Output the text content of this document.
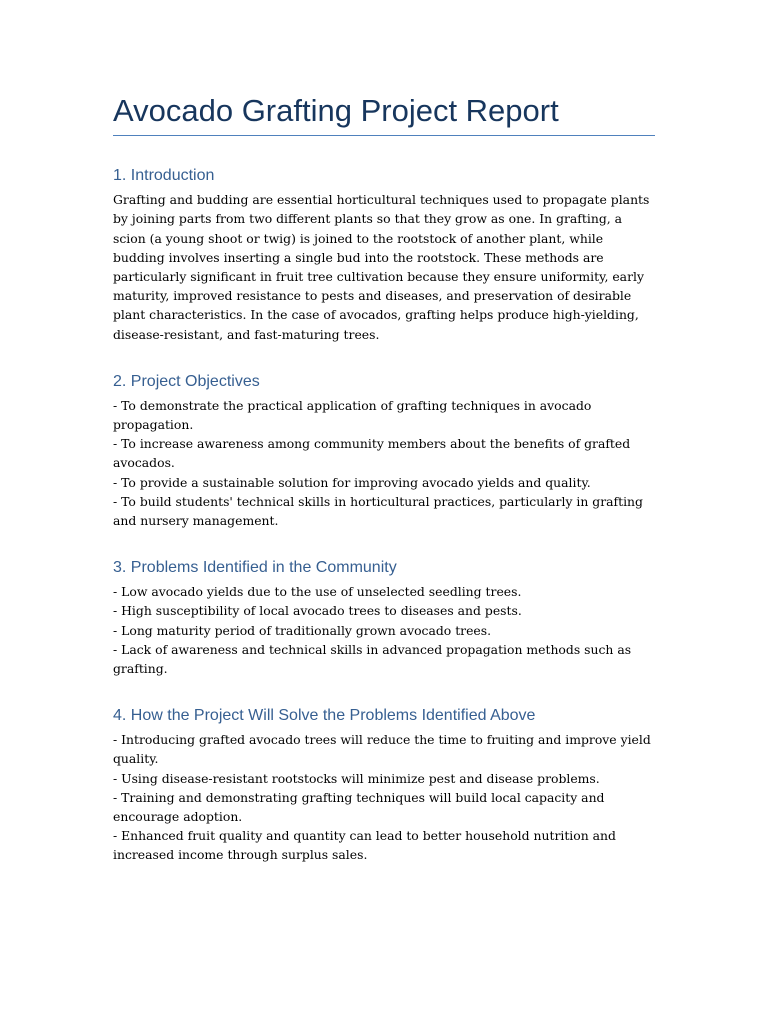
Avocado Grafting Project Report
1. Introduction

Grafting and budding are essential horticultural techniques used to propagate plants by joining parts from two different plants so that they grow as one. In grafting, a scion (a young shoot or twig) is joined to the rootstock of another plant, while budding involves inserting a single bud into the rootstock. These methods are particularly significant in fruit tree cultivation because they ensure uniformity, early maturity, improved resistance to pests and diseases, and preservation of desirable plant characteristics. In the case of avocados, grafting helps produce high-yielding, disease-resistant, and fast-maturing trees.

2. Project Objectives

- To demonstrate the practical application of grafting techniques in avocado propagation.

- To increase awareness among community members about the benefits of grafted avocados.

- To provide a sustainable solution for improving avocado yields and quality.

- To build students' technical skills in horticultural practices, particularly in grafting and nursery management.

3. Problems Identified in the Community

- Low avocado yields due to the use of unselected seedling trees.

- High susceptibility of local avocado trees to diseases and pests.

- Long maturity period of traditionally grown avocado trees.

- Lack of awareness and technical skills in advanced propagation methods such as grafting.

4. How the Project Will Solve the Problems Identified Above

- Introducing grafted avocado trees will reduce the time to fruiting and improve yield quality.

- Using disease-resistant rootstocks will minimize pest and disease problems.

- Training and demonstrating grafting techniques will build local capacity and encourage adoption.

- Enhanced fruit quality and quantity can lead to better household nutrition and increased income through surplus sales.
